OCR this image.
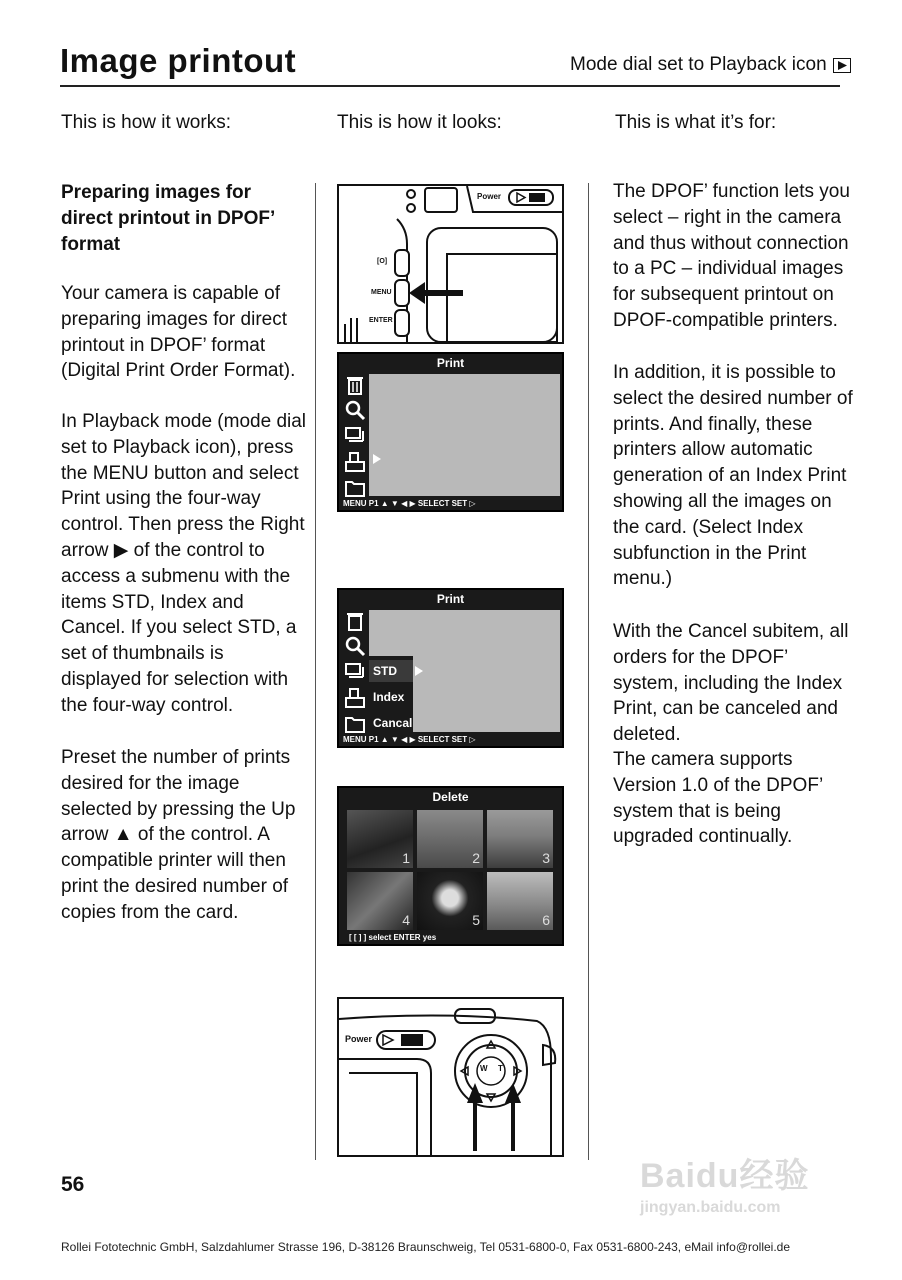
Image printout	Mode dial set to Playback icon
This is how it works:	This is how it looks:	This is what it’s for:
Preparing images for direct printout in DPOF’ format
Your camera is capable of preparing images for direct printout in DPOF’ format (Digital Print Order Format).
In Playback mode (mode dial set to Playback icon), press the MENU button and select Print using the four-way control. Then press the Right arrow ▶ of the control to access a submenu with the items STD, Index and Cancel. If you select STD, a set of thumbnails is displayed for selection with the four-way control.
Preset the number of prints desired for the image selected by pressing the Up arrow ▲ of the control. A compatible printer will then print the desired number of copies from the card.
The DPOF’ function lets you select – right in the camera and thus without connection to a PC – individual images for subsequent printout on DPOF-compatible printers.
In addition, it is possible to select the desired number of prints. And finally, these printers allow automatic generation of an Index Print showing all the images on the card. (Select Index subfunction in the Print menu.)
With the Cancel subitem, all orders for the DPOF’ system, including the Index Print, can be canceled and deleted.
The camera supports Version 1.0 of the DPOF’ system that is being upgraded continually.
[O]
MENU
ENTER
Power
Print
MENU P1 ▲ ▼ ◀ ▶ SELECT SET ▷
Print
STD
Index
Cancal
MENU P1 ▲ ▼ ◀ ▶ SELECT SET ▷
Delete
1	2	3
4	5	6
[ [ ] ] select ENTER yes
Power
W T
56
Rollei Fototechnic GmbH, Salzdahlumer Strasse 196, D-38126 Braunschweig, Tel 0531-6800-0, Fax 0531-6800-243, eMail info@rollei.de
Baidu经验
jingyan.baidu.com
